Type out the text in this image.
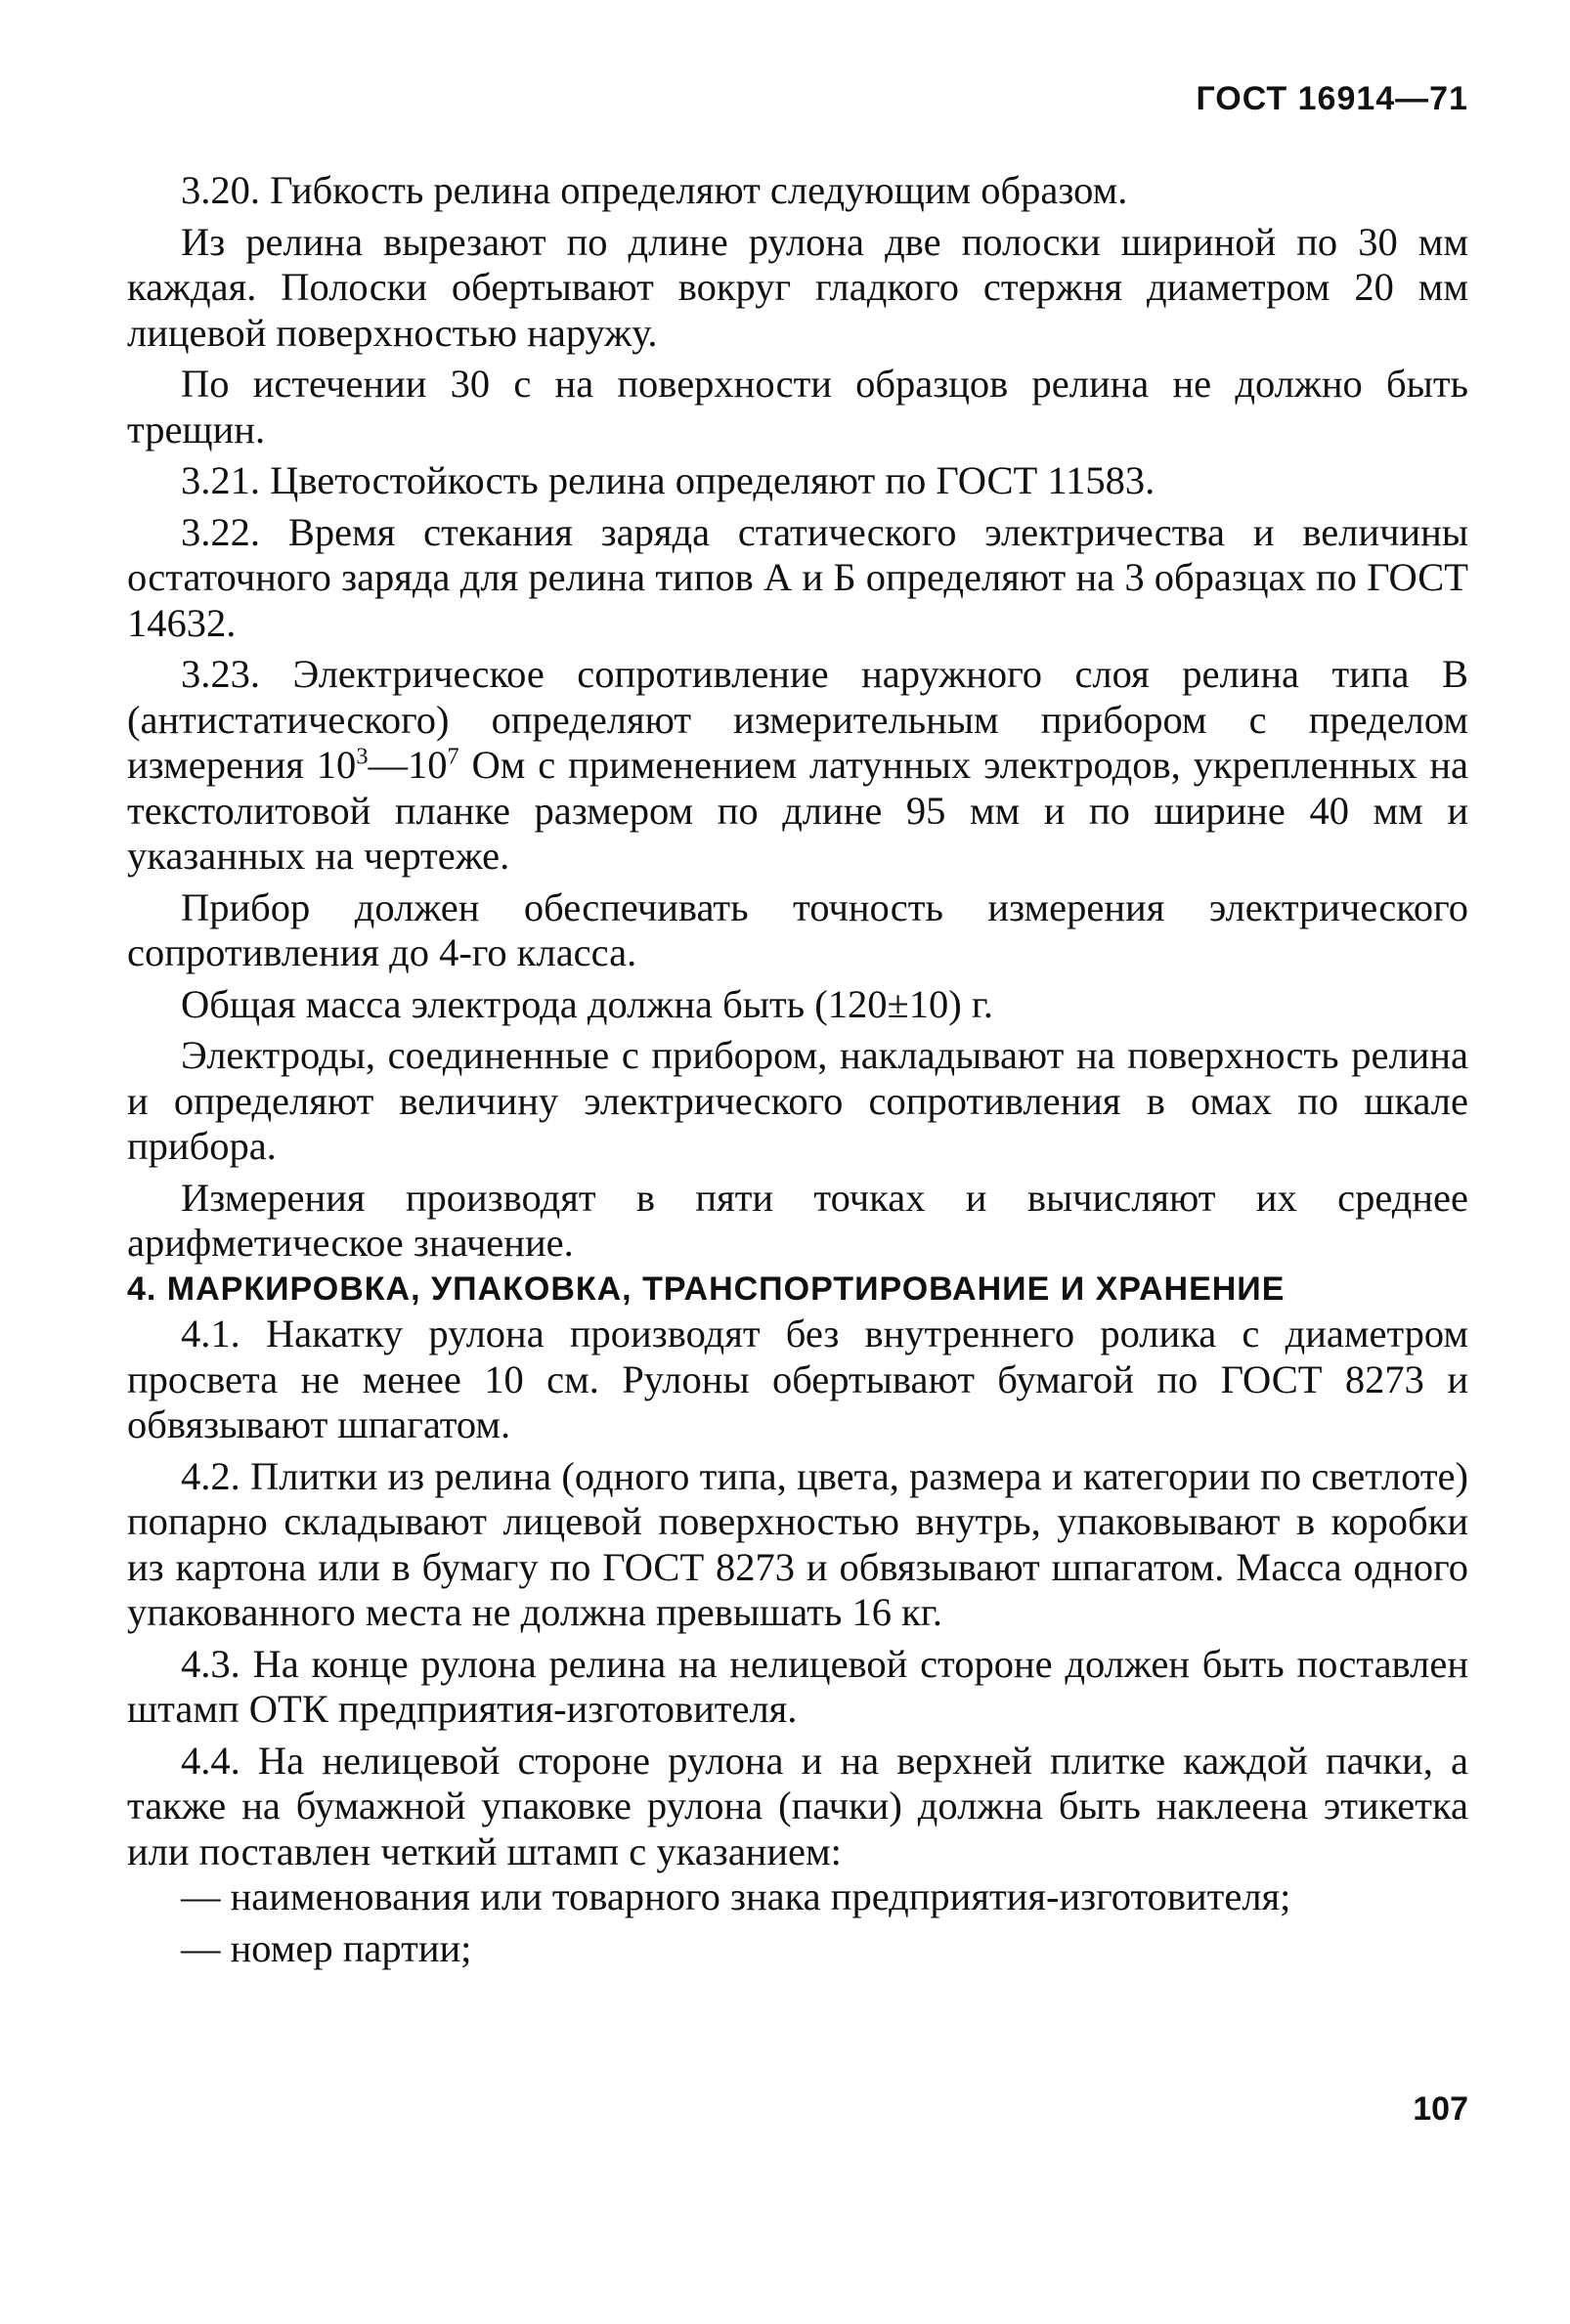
ГОСТ 16914—71

3.20. Гибкость релина определяют следующим образом.

Из релина вырезают по длине рулона две полоски шириной по 30 мм каждая. Полоски обертывают вокруг гладкого стержня диаметром 20 мм лицевой поверхностью наружу.

По истечении 30 с на поверхности образцов релина не должно быть трещин.

3.21. Цветостойкость релина определяют по ГОСТ 11583.

3.22. Время стекания заряда статического электричества и величины остаточного заряда для релина типов А и Б определяют на 3 образцах по ГОСТ 14632.

3.23. Электрическое сопротивление наружного слоя релина типа В (антистатического) определяют измерительным прибором с пределом измерения $10^3—10^7$ Ом с применением латунных электродов, укрепленных на текстолитовой планке размером по длине 95 мм и по ширине 40 мм и указанных на чертеже.

Прибор должен обеспечивать точность измерения электрического сопротивления до 4-го класса.

Общая масса электрода должна быть (120±10) г.

Электроды, соединенные с прибором, накладывают на поверхность релина и определяют величину электрического сопротивления в омах по шкале прибора.

Измерения производят в пяти точках и вычисляют их среднее арифметическое значение.

4. МАРКИРОВКА, УПАКОВКА, ТРАНСПОРТИРОВАНИЕ И ХРАНЕНИЕ

4.1. Накатку рулона производят без внутреннего ролика с диаметром просвета не менее 10 см. Рулоны обертывают бумагой по ГОСТ 8273 и обвязывают шпагатом.

4.2. Плитки из релина (одного типа, цвета, размера и категории по светлоте) попарно складывают лицевой поверхностью внутрь, упаковывают в коробки из картона или в бумагу по ГОСТ 8273 и обвязывают шпагатом. Масса одного упакованного места не должна превышать 16 кг.

4.3. На конце рулона релина на нелицевой стороне должен быть поставлен штамп ОТК предприятия-изготовителя.

4.4. На нелицевой стороне рулона и на верхней плитке каждой пачки, а также на бумажной упаковке рулона (пачки) должна быть наклеена этикетка или поставлен четкий штамп с указанием:

— наименования или товарного знака предприятия-изготовителя;

— номер партии;

107
